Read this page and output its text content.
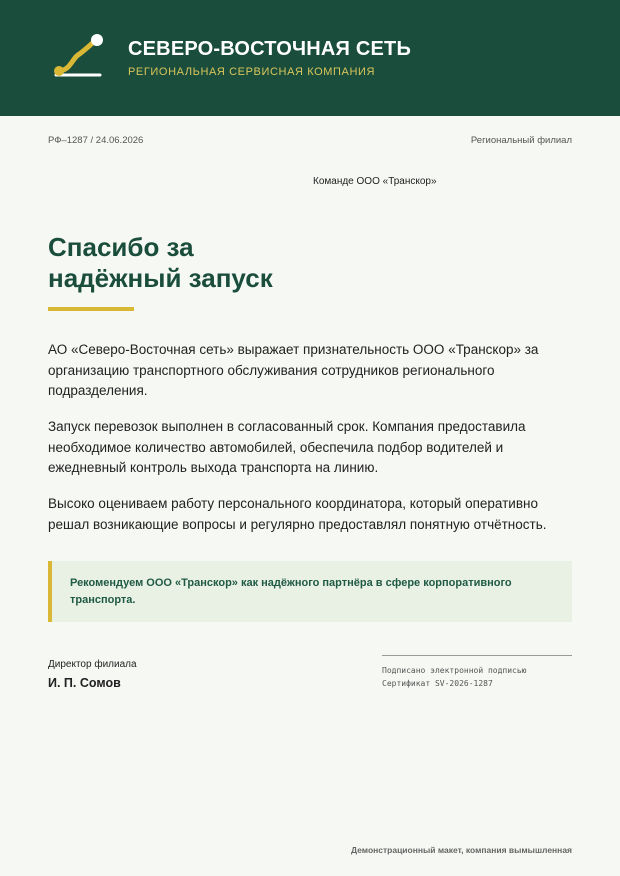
СЕВЕРО-ВОСТОЧНАЯ СЕТЬ
РЕГИОНАЛЬНАЯ СЕРВИСНАЯ КОМПАНИЯ
РФ–1287 / 24.06.2026	Региональный филиал
Команде ООО «Транскор»
Спасибо за
надёжный запуск

АО «Северо-Восточная сеть» выражает признательность ООО «Транскор» за организацию транспортного обслуживания сотрудников регионального подразделения.

Запуск перевозок выполнен в согласованный срок. Компания предоставила необходимое количество автомобилей, обеспечила подбор водителей и ежедневный контроль выхода транспорта на линию.

Высоко оцениваем работу персонального координатора, который оперативно решал возникающие вопросы и регулярно предоставлял понятную отчётность.

Рекомендуем ООО «Транскор» как надёжного партнёра в сфере корпоративного транспорта.
Директор филиала
И. П. Сомов
Подписано электронной подписью
Сертификат SV-2026-1287
Демонстрационный макет, компания вымышленная
